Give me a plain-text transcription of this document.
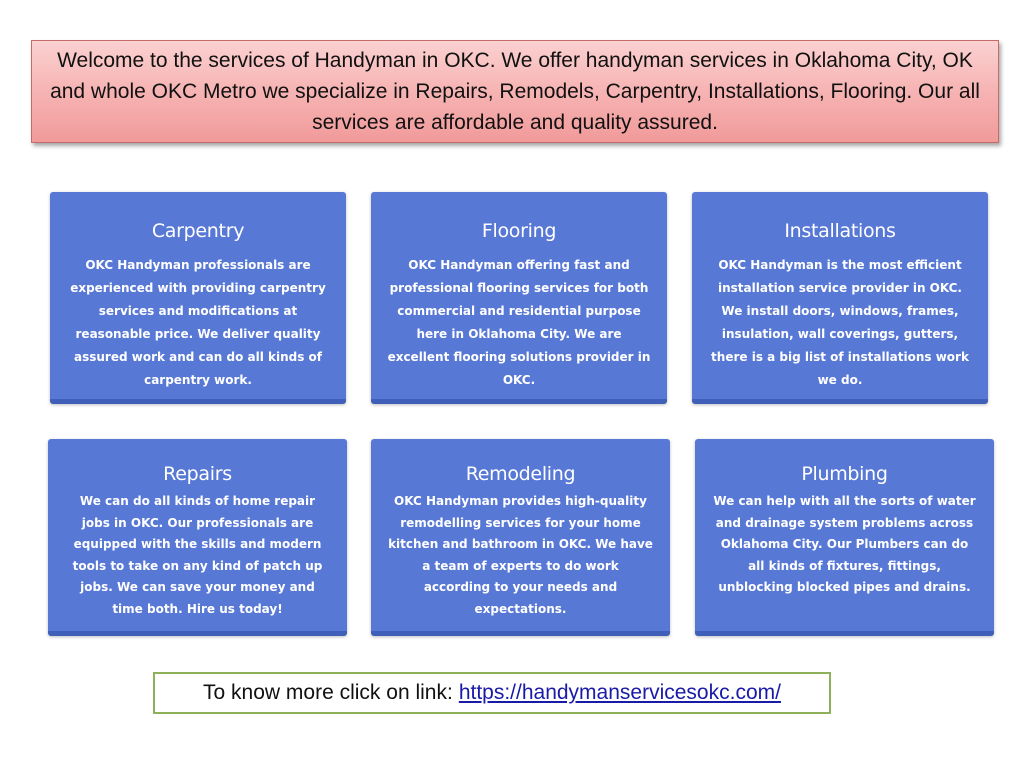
Welcome to the services of Handyman in OKC. We offer handyman services in Oklahoma City, OK and whole OKC Metro we specialize in Repairs, Remodels, Carpentry, Installations, Flooring. Our all services are affordable and quality assured.

Carpentry

OKC Handyman professionals are experienced with providing carpentry services and modifications at reasonable price. We deliver quality assured work and can do all kinds of carpentry work.

Flooring

OKC Handyman offering fast and professional flooring services for both commercial and residential purpose here in Oklahoma City. We are excellent flooring solutions provider in OKC.

Installations

OKC Handyman is the most efficient installation service provider in OKC. We install doors, windows, frames, insulation, wall coverings, gutters, there is a big list of installations work we do.

Repairs

We can do all kinds of home repair jobs in OKC. Our professionals are equipped with the skills and modern tools to take on any kind of patch up jobs. We can save your money and time both. Hire us today!

Remodeling

OKC Handyman provides high-quality remodelling services for your home kitchen and bathroom in OKC. We have a team of experts to do work according to your needs and expectations.

Plumbing

We can help with all the sorts of water and drainage system problems across Oklahoma City. Our Plumbers can do all kinds of fixtures, fittings, unblocking blocked pipes and drains.

To know more click on link: https://handymanservicesokc.com/
